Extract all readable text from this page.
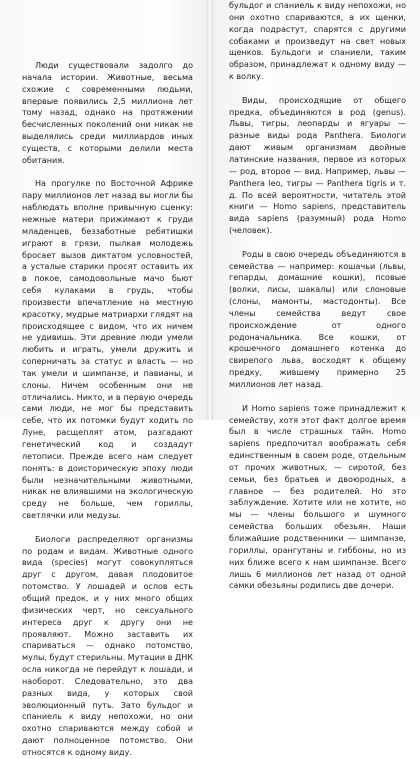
Люди существовали задолго до начала истории. Животные, весьма схожие с современными людьми, впервые появились 2,5 миллиона лет тому назад, однако на протяжении бесчисленных поколений они никак не выделялись среди миллиардов иных существ, с которыми делили места обитания.

На прогулке по Восточной Африке пару миллионов лет назад вы могли бы наблюдать вполне привычную сценку: нежные матери прижимают к груди младенцев, беззаботные ребятишки играют в грязи, пылкая молодежь бросает вызов диктатом условностей, а усталые старики просят оставить их в покое, самодовольные мачо бьют себя кулаками в грудь, чтобы произвести впечатление на местную красотку, мудрые матриархи глядят на происходящее с видом, что их ничем не удивишь. Эти древние люди умели любить и играть, умели дружить и соперничать за статус и власть — но так умели и шимпанзе, и павианы, и слоны. Ничем особенным они не отличались. Никто, и в первую очередь сами люди, не мог бы представить себе, что их потомки будут ходить по Луне, расщеплят атом, разгадают генетический код и создадут летописи. Прежде всего нам следует понять: в доисторическую эпоху люди были незначительными животными, никак не влиявшими на экологическую среду не больше, чем гориллы, светлячки или медузы.

Биологи распределяют организмы по родам и видам. Животные одного вида (species) могут совокупляться друг с другом, давая плодовитое потомство. У лошадей и ослов есть общий предок, и у них много общих физических черт, но сексуального интереса друг к другу они не проявляют. Можно заставить их спариваться — однако потомство, мулы, будут стерильны. Мутации в ДНК осла никогда не перейдут к лошади, и наоборот. Следовательно, это два разных вида, у которых свой эволюционный путь. Зато бульдог и спаниель к виду непохожи, но они охотно спариваются между собой и дают полноценное потомство. Они относятся к одному виду.

бульдог и спаниель к виду непохожи, но они охотно спариваются, а их щенки, когда подрастут, спарятся с другими собаками и произведут на свет новых щенков. Бульдоги и спаниели, таким образом, принадлежат к одному виду — к волку.

Виды, происходящие от общего предка, объединяются в род (genus). Львы, тигры, леопарды и ягуары — разные виды рода Panthera. Биологи дают живым организмам двойные латинские названия, первое из которых — род, второе — вид. Например, львы — Panthera leo, тигры — Panthera tigris и т. д. По всей вероятности, читатель этой книги — Homo sapiens, представитель вида sapiens (разумный) рода Homo (человек).

Роды в свою очередь объединяются в семейства — например: кошачьи (львы, гепарды, домашние кошки), псовые (волки, лисы, шакалы) или слоновые (слоны, мамонты, мастодонты). Все члены семейства ведут свое происхождение от одного родоначальника. Все кошки, от крошечного домашнего котенка до свирепого льва, восходят к общему предку, жившему примерно 25 миллионов лет назад.

И Homo sapiens тоже принадлежит к семейству, хотя этот факт долгое время был в числе страшных тайн. Homo sapiens предпочитал воображать себя единственным в своем роде, отдельным от прочих животных, — сиротой, без семьи, без братьев и двоюродных, а главное — без родителей. Но это заблуждение. Хотите или не хотите, но мы — члены большого и шумного семейства больших обезьян. Наши ближайшие родственники — шимпанзе, гориллы, орангутаны и гиббоны, но из них ближе всего к нам шимпанзе. Всего лишь 6 миллионов лет назад от одной самки обезьяны родились две дочери.
